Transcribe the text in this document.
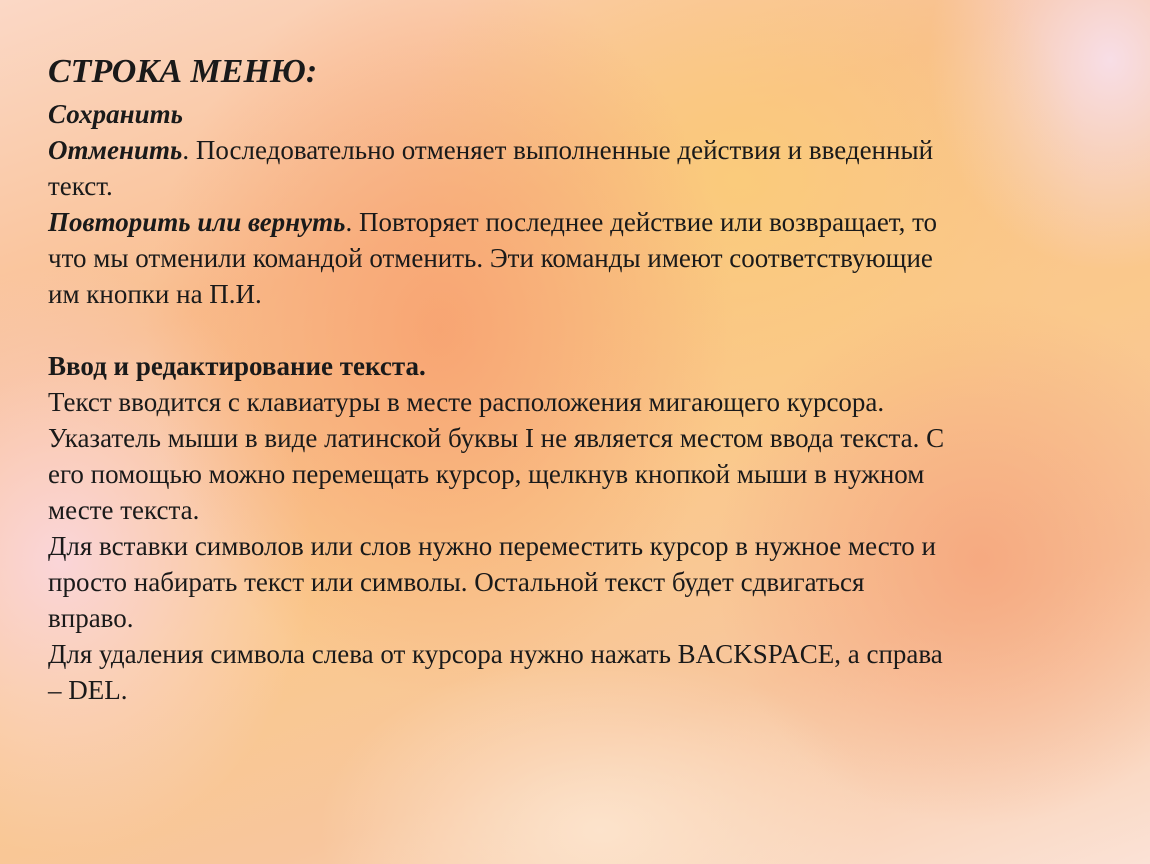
СТРОКА МЕНЮ:

Сохранить

Отменить. Последовательно отменяет выполненные действия и введенный

текст.

Повторить или вернуть. Повторяет последнее действие или возвращает, то

что мы отменили командой отменить. Эти команды имеют соответствующие

им кнопки на П.И.

Ввод и редактирование текста.

Текст вводится с клавиатуры в месте расположения мигающего курсора.

Указатель мыши в виде латинской буквы I не является местом ввода текста. С

его помощью можно перемещать курсор, щелкнув кнопкой мыши в нужном

месте текста.

Для вставки символов или слов нужно переместить курсор в нужное место и

просто набирать текст или символы. Остальной текст будет сдвигаться

вправо.

Для удаления символа слева от курсора нужно нажать BACKSPACE, а справа

– DEL.
